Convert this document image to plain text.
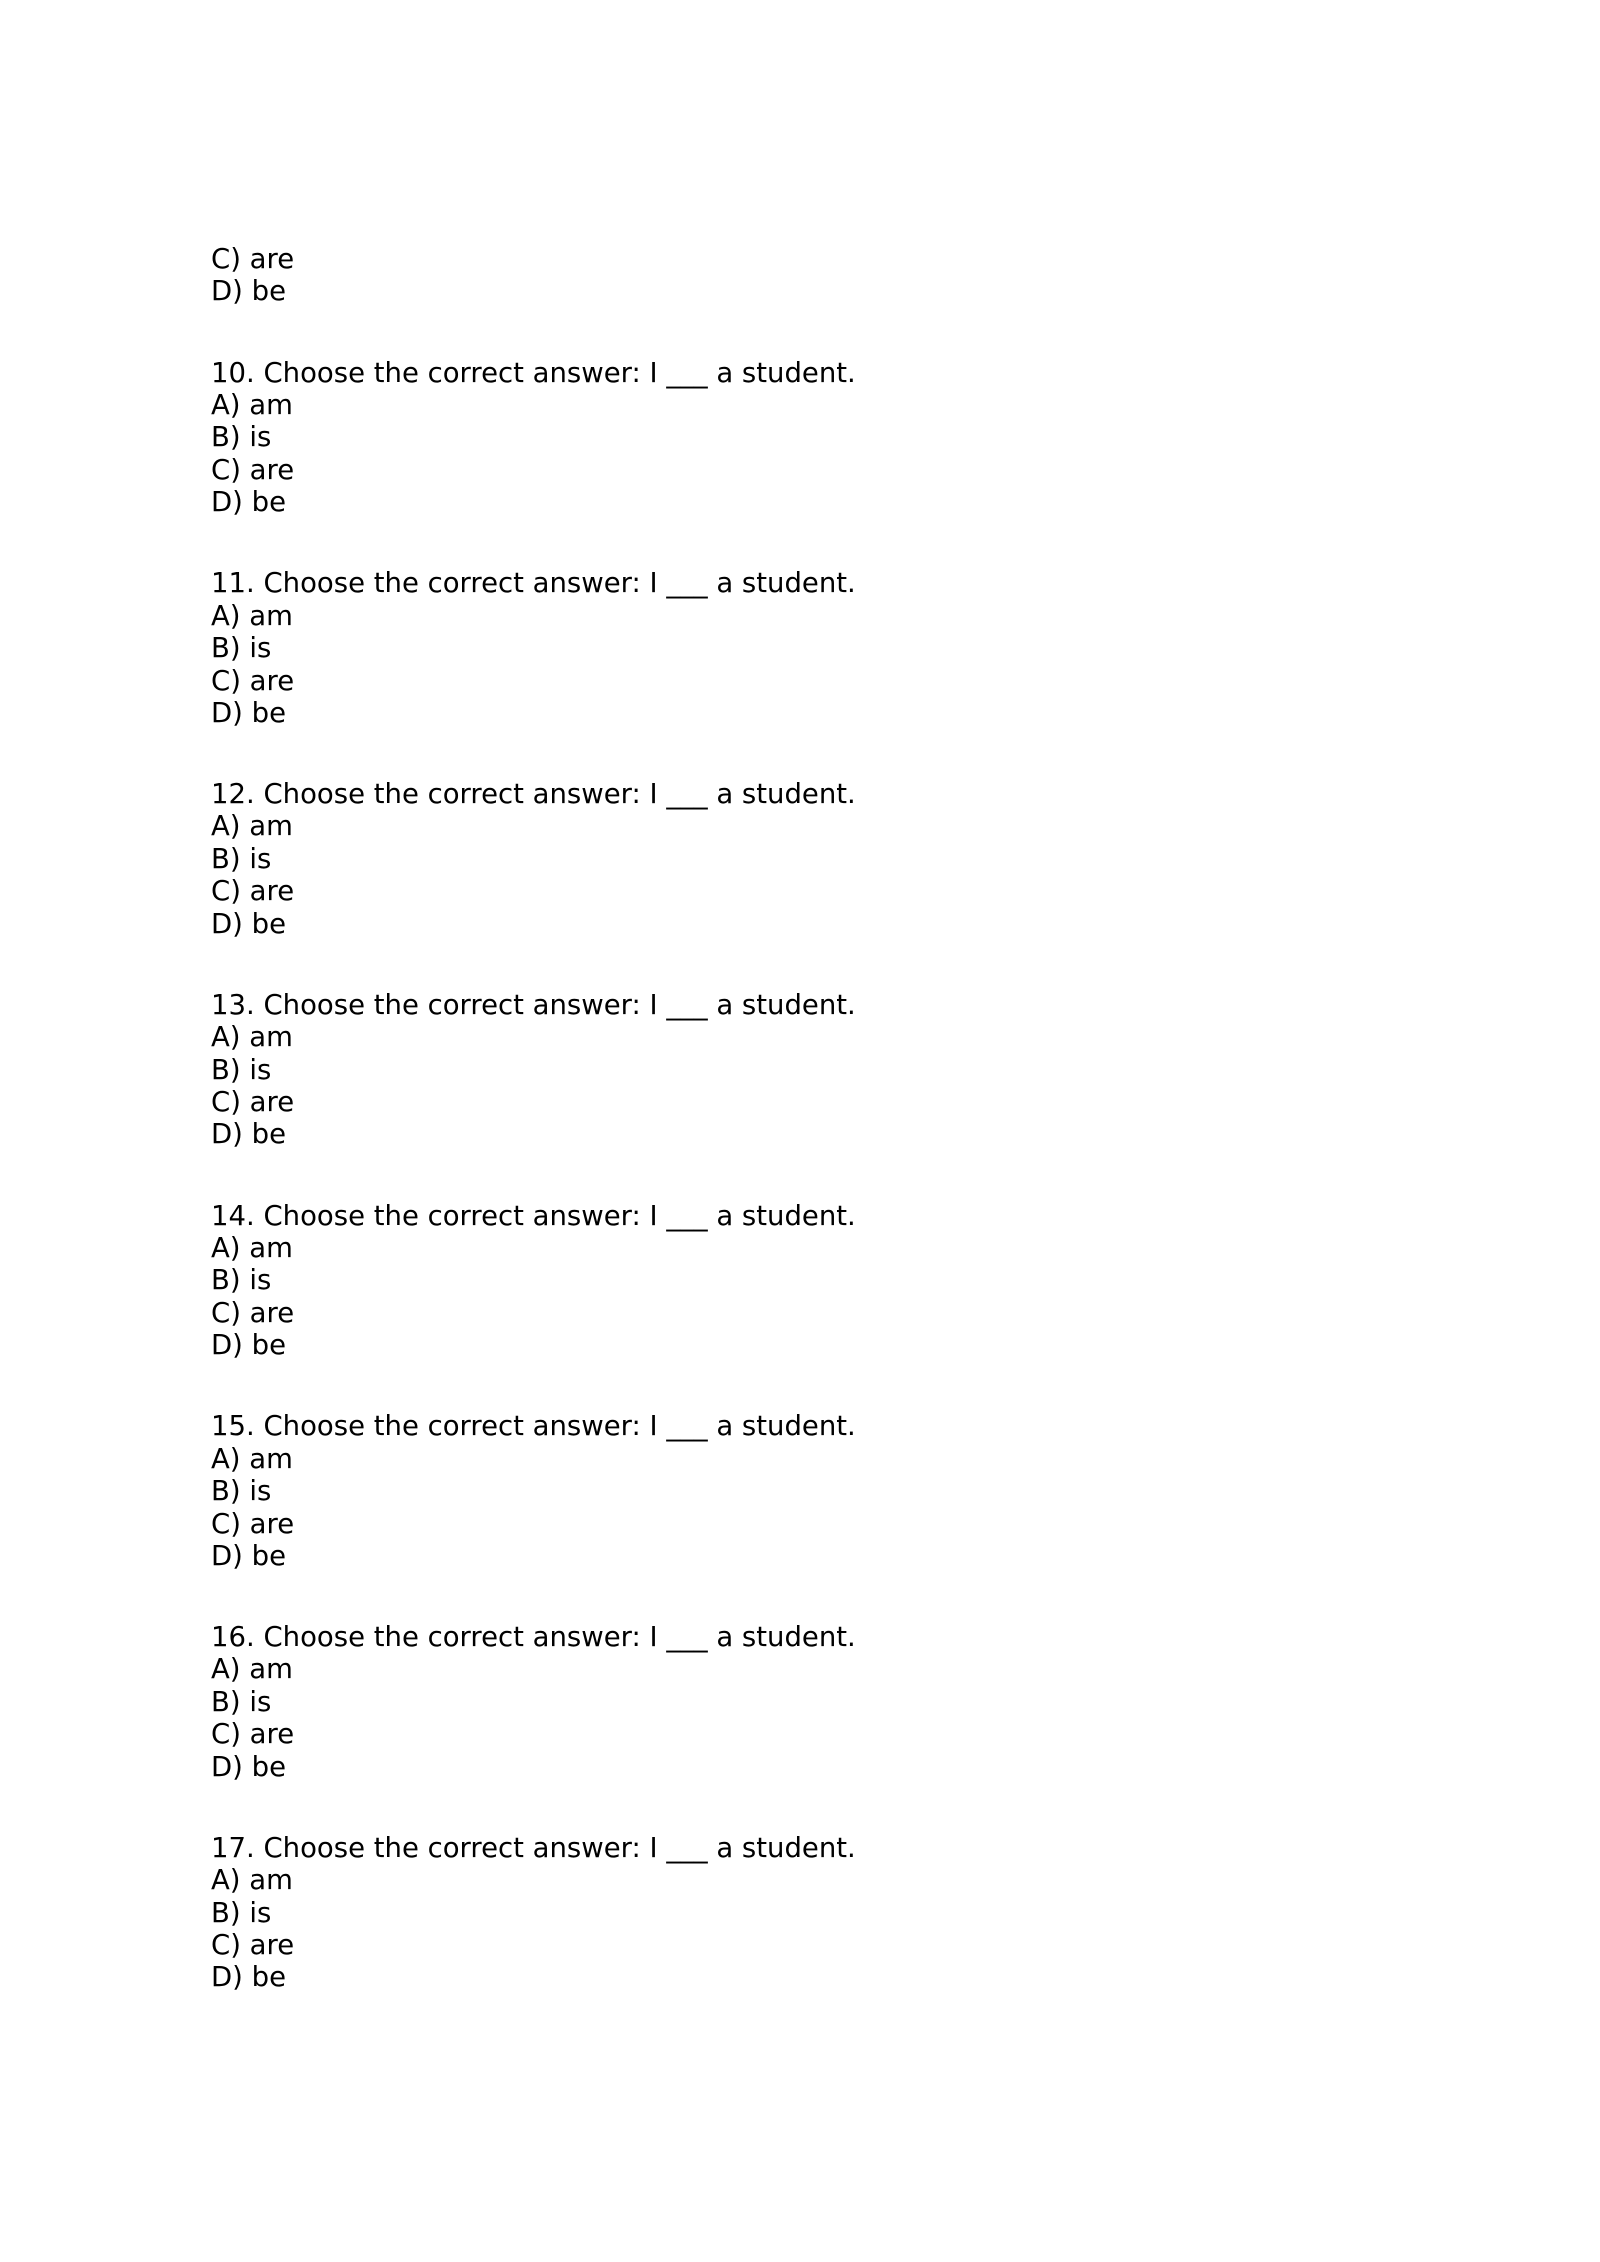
C) are
D) be
10. Choose the correct answer: I ___ a student.
A) am
B) is
C) are
D) be
11. Choose the correct answer: I ___ a student.
A) am
B) is
C) are
D) be
12. Choose the correct answer: I ___ a student.
A) am
B) is
C) are
D) be
13. Choose the correct answer: I ___ a student.
A) am
B) is
C) are
D) be
14. Choose the correct answer: I ___ a student.
A) am
B) is
C) are
D) be
15. Choose the correct answer: I ___ a student.
A) am
B) is
C) are
D) be
16. Choose the correct answer: I ___ a student.
A) am
B) is
C) are
D) be
17. Choose the correct answer: I ___ a student.
A) am
B) is
C) are
D) be
